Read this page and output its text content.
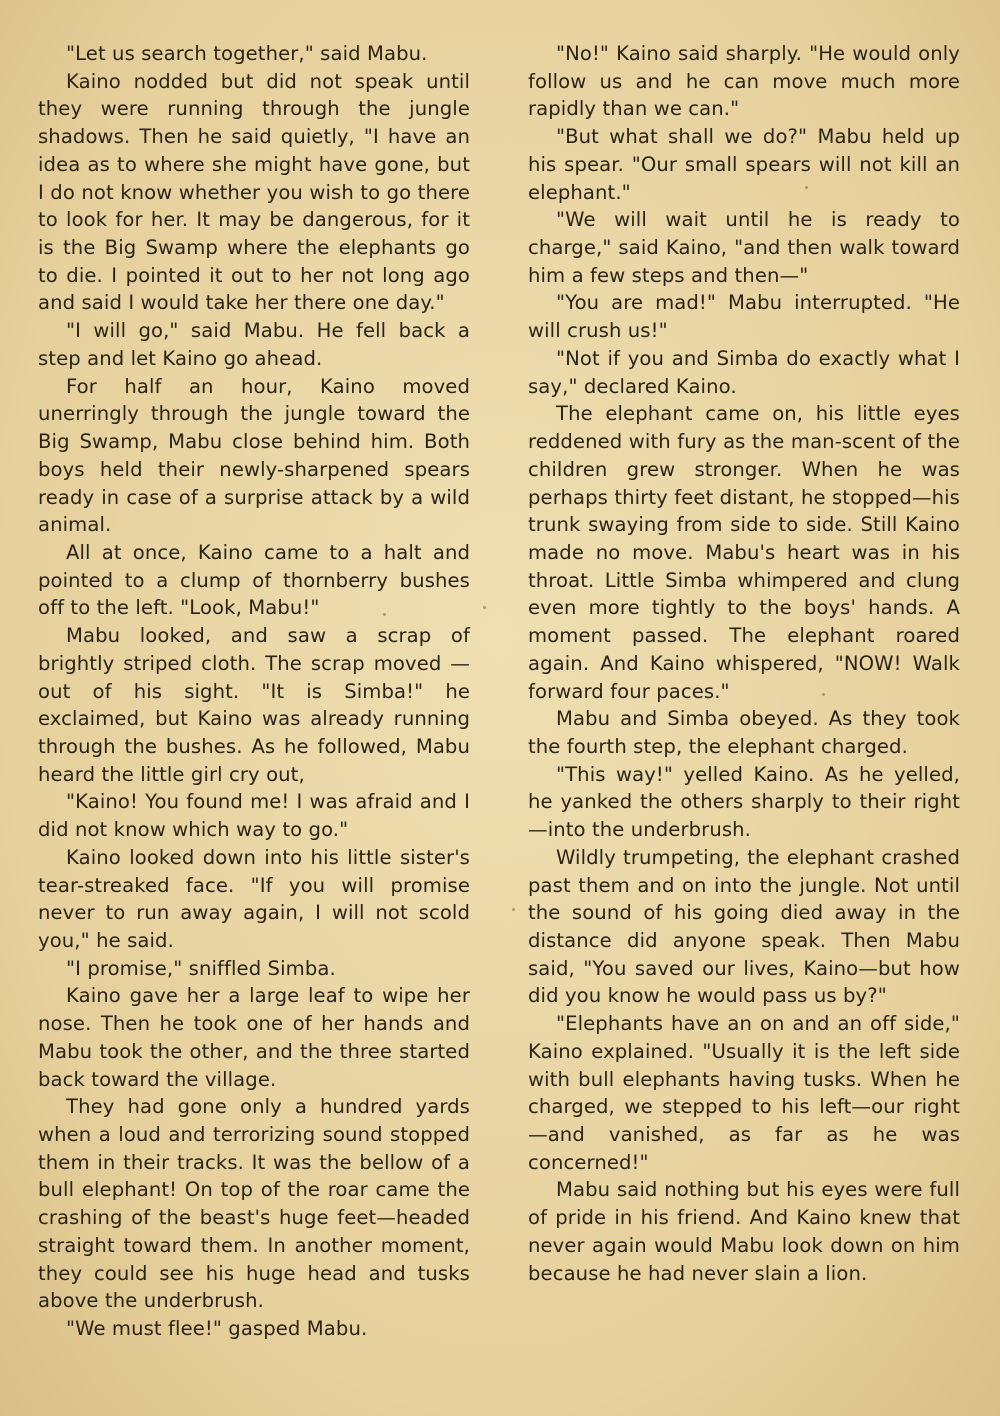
"Let us search together," said Mabu.

Kaino nodded but did not speak until they were running through the jungle shadows. Then he said quietly, "I have an idea as to where she might have gone, but I do not know whether you wish to go there to look for her. It may be dangerous, for it is the Big Swamp where the elephants go to die. I pointed it out to her not long ago and said I would take her there one day."

"I will go," said Mabu. He fell back a step and let Kaino go ahead.

For half an hour, Kaino moved unerringly through the jungle toward the Big Swamp, Mabu close behind him. Both boys held their newly-sharpened spears ready in case of a surprise attack by a wild animal.

All at once, Kaino came to a halt and pointed to a clump of thornberry bushes off to the left. "Look, Mabu!"

Mabu looked, and saw a scrap of brightly striped cloth. The scrap moved —out of his sight. "It is Simba!" he exclaimed, but Kaino was already running through the bushes. As he followed, Mabu heard the little girl cry out,

"Kaino! You found me! I was afraid and I did not know which way to go."

Kaino looked down into his little sister's tear-streaked face. "If you will promise never to run away again, I will not scold you," he said.

"I promise," sniffled Simba.

Kaino gave her a large leaf to wipe her nose. Then he took one of her hands and Mabu took the other, and the three started back toward the village.

They had gone only a hundred yards when a loud and terrorizing sound stopped them in their tracks. It was the bellow of a bull elephant! On top of the roar came the crashing of the beast's huge feet—headed straight toward them. In another moment, they could see his huge head and tusks above the underbrush.

"We must flee!" gasped Mabu.

"No!" Kaino said sharply. "He would only follow us and he can move much more rapidly than we can."

"But what shall we do?" Mabu held up his spear. "Our small spears will not kill an elephant."

"We will wait until he is ready to charge," said Kaino, "and then walk toward him a few steps and then—"

"You are mad!" Mabu interrupted. "He will crush us!"

"Not if you and Simba do exactly what I say," declared Kaino.

The elephant came on, his little eyes reddened with fury as the man-scent of the children grew stronger. When he was perhaps thirty feet distant, he stopped—his trunk swaying from side to side. Still Kaino made no move. Mabu's heart was in his throat. Little Simba whimpered and clung even more tightly to the boys' hands. A moment passed. The elephant roared again. And Kaino whispered, "NOW! Walk forward four paces."

Mabu and Simba obeyed. As they took the fourth step, the elephant charged.

"This way!" yelled Kaino. As he yelled, he yanked the others sharply to their right—into the underbrush.

Wildly trumpeting, the elephant crashed past them and on into the jungle. Not until the sound of his going died away in the distance did anyone speak. Then Mabu said, "You saved our lives, Kaino—but how did you know he would pass us by?"

"Elephants have an on and an off side," Kaino explained. "Usually it is the left side with bull elephants having tusks. When he charged, we stepped to his left—our right—and vanished, as far as he was concerned!"

Mabu said nothing but his eyes were full of pride in his friend. And Kaino knew that never again would Mabu look down on him because he had never slain a lion.
